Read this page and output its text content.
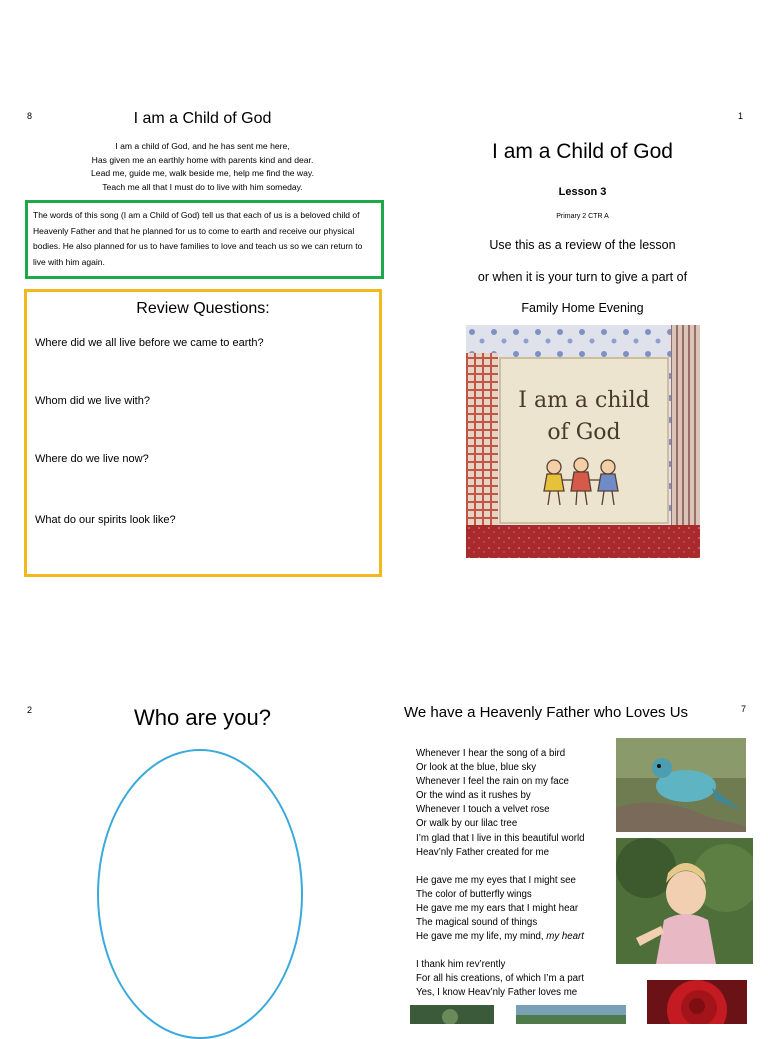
8	1
2	7
I am a Child of God
I am a child of God, and he has sent me here,
Has given me an earthly home with parents kind and dear.
Lead me, guide me, walk beside me, help me find the way.
Teach me all that I must do to live with him someday.
The words of this song (I am a Child of God) tell us that each of us is a beloved child of Heavenly Father and that he planned for us to come to earth and receive our physical bodies. He also planned for us to have families to love and teach us so we can return to live with him again.
Review Questions:
Where did we all live before we came to earth?
Whom did we live with?
Where do we live now?
What do our spirits look like?
I am a Child of God
Lesson 3
Primary 2 CTR A
Use this as a review of the lesson
or when it is your turn to give a part of
Family Home Evening
I am a child
of God
Who are you?	We have a Heavenly Father who Loves Us
Whenever I hear the song of a bird
Or look at the blue, blue sky
Whenever I feel the rain on my face
Or the wind as it rushes by
Whenever I touch a velvet rose
Or walk by our lilac tree
I’m glad that I live in this beautiful world
Heav’nly Father created for me
He gave me my eyes that I might see
The color of butterfly wings
He gave me my ears that I might hear
The magical sound of things
He gave me my life, my mind, my heart
I thank him rev’rently
For all his creations, of which I’m a part
Yes, I know Heav’nly Father loves me
